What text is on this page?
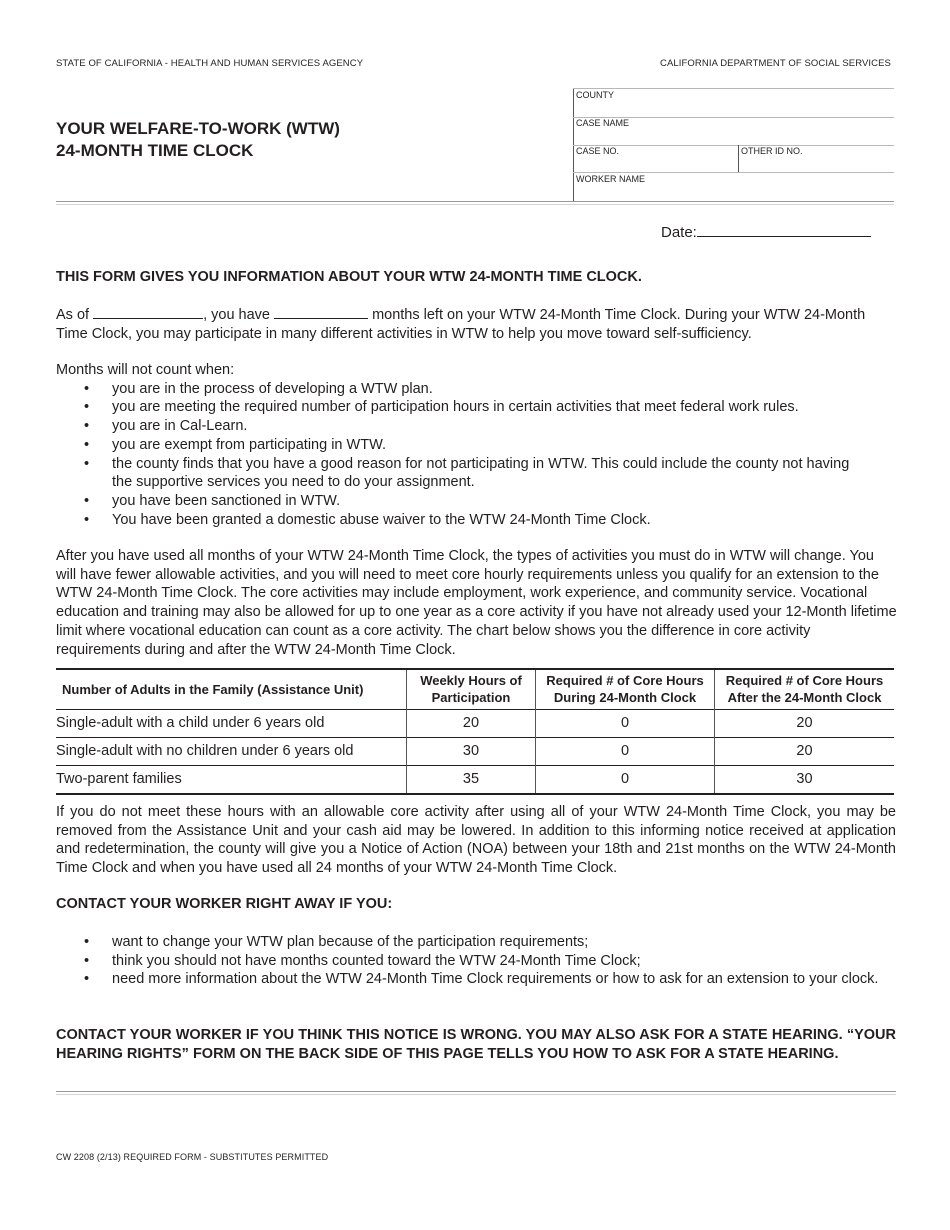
STATE OF CALIFORNIA - HEALTH AND HUMAN SERVICES AGENCY	CALIFORNIA DEPARTMENT OF SOCIAL SERVICES
YOUR WELFARE-TO-WORK (WTW)
24-MONTH TIME CLOCK
COUNTY
CASE NAME
CASE NO.	OTHER ID NO.
WORKER NAME
Date:
THIS FORM GIVES YOU INFORMATION ABOUT YOUR WTW 24-MONTH TIME CLOCK.
As of	, you have	months left on your WTW 24-Month Time Clock. During your WTW 24-Month Time Clock, you may participate in many different activities in WTW to help you move toward self-sufficiency.
Months will not count when:
• you are in the process of developing a WTW plan.
• you are meeting the required number of participation hours in certain activities that meet federal work rules.
• you are in Cal-Learn.
• you are exempt from participating in WTW.
• the county finds that you have a good reason for not participating in WTW. This could include the county not having the supportive services you need to do your assignment.
• you have been sanctioned in WTW.
• You have been granted a domestic abuse waiver to the WTW 24-Month Time Clock.
After you have used all months of your WTW 24-Month Time Clock, the types of activities you must do in WTW will change. You will have fewer allowable activities, and you will need to meet core hourly requirements unless you qualify for an extension to the WTW 24-Month Time Clock. The core activities may include employment, work experience, and community service. Vocational education and training may also be allowed for up to one year as a core activity if you have not already used your 12-Month lifetime limit where vocational education can count as a core activity. The chart below shows you the difference in core activity requirements during and after the WTW 24-Month Time Clock.
Number of Adults in the Family (Assistance Unit)	Weekly Hours of Participation	Required # of Core Hours During 24-Month Clock	Required # of Core Hours After the 24-Month Clock
Single-adult with a child under 6 years old	20	0	20
Single-adult with no children under 6 years old	30	0	20
Two-parent families	35	0	30
If you do not meet these hours with an allowable core activity after using all of your WTW 24-Month Time Clock, you may be removed from the Assistance Unit and your cash aid may be lowered. In addition to this informing notice received at application and redetermination, the county will give you a Notice of Action (NOA) between your 18th and 21st months on the WTW 24-Month Time Clock and when you have used all 24 months of your WTW 24-Month Time Clock.
CONTACT YOUR WORKER RIGHT AWAY IF YOU:
• want to change your WTW plan because of the participation requirements;
• think you should not have months counted toward the WTW 24-Month Time Clock;
• need more information about the WTW 24-Month Time Clock requirements or how to ask for an extension to your clock.
CONTACT YOUR WORKER IF YOU THINK THIS NOTICE IS WRONG. YOU MAY ALSO ASK FOR A STATE HEARING. “YOUR HEARING RIGHTS” FORM ON THE BACK SIDE OF THIS PAGE TELLS YOU HOW TO ASK FOR A STATE HEARING.
CW 2208 (2/13) REQUIRED FORM - SUBSTITUTES PERMITTED
